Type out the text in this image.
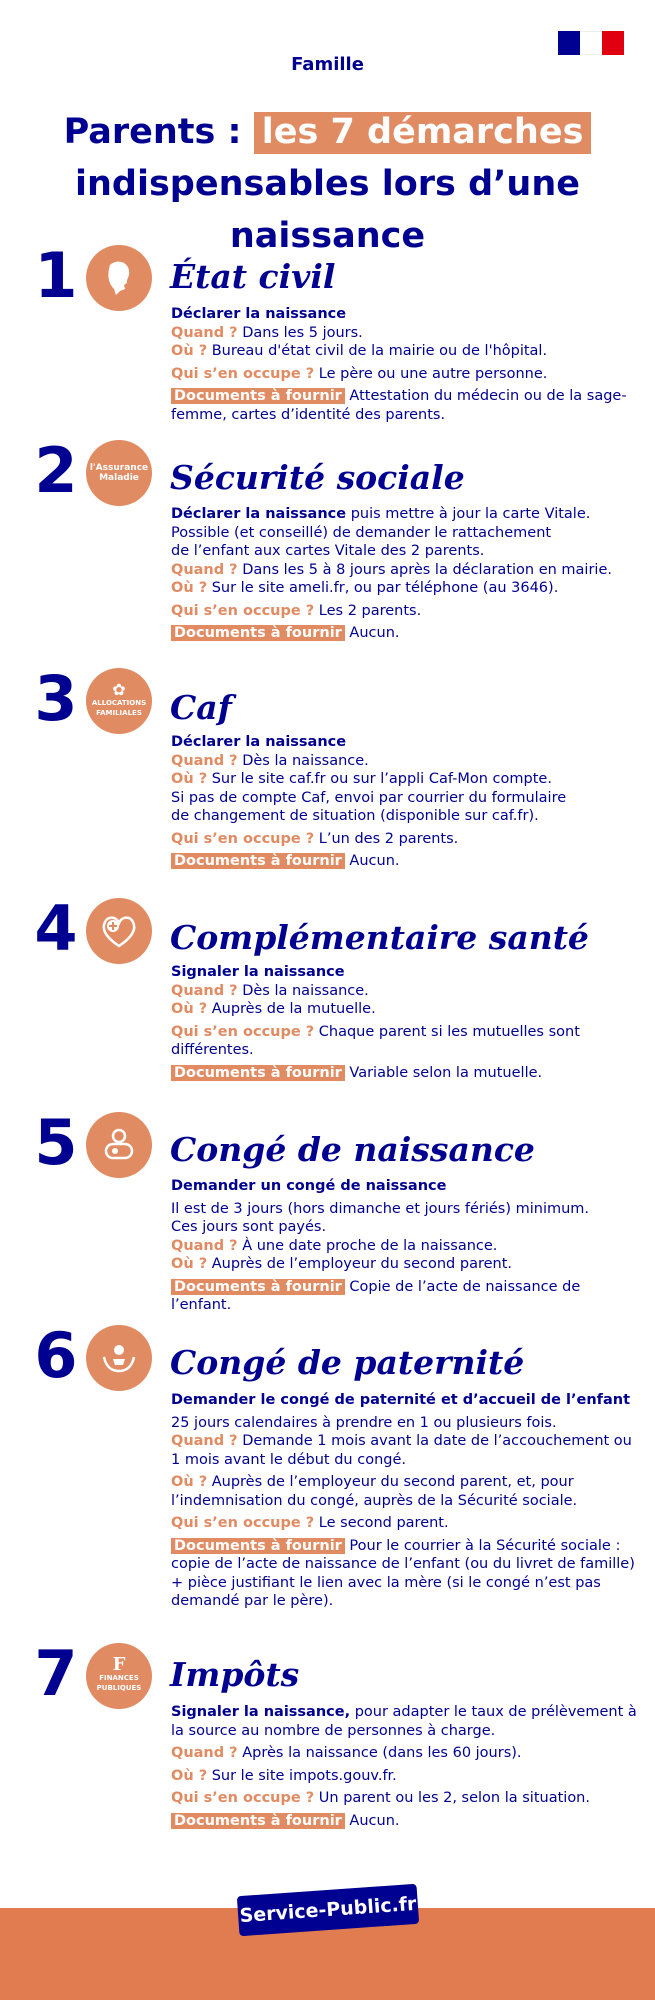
Famille
Parents : les 7 démarches
indispensables lors d’une naissance
1	État civil

Déclarer la naissance

Quand ? Dans les 5 jours.

Où ? Bureau d'état civil de la mairie ou de l'hôpital.

Qui s’en occupe ? Le père ou une autre personne.

Documents à fournir Attestation du médecin ou de la sage-femme, cartes d’identité des parents.

2	l'Assurance
Maladie Sécurité sociale

Déclarer la naissance puis mettre à jour la carte Vitale.

Possible (et conseillé) de demander le rattachement

de l’enfant aux cartes Vitale des 2 parents.

Quand ? Dans les 5 à 8 jours après la déclaration en mairie.

Où ? Sur le site ameli.fr, ou par téléphone (au 3646).

Qui s’en occupe ? Les 2 parents.

Documents à fournir Aucun.

3	✿
ALLOCATIONS
FAMILIALES Caf

Déclarer la naissance

Quand ? Dès la naissance.

Où ? Sur le site caf.fr ou sur l’appli Caf-Mon compte.

Si pas de compte Caf, envoi par courrier du formulaire

de changement de situation (disponible sur caf.fr).

Qui s’en occupe ? L’un des 2 parents.

Documents à fournir Aucun.

4	Complémentaire santé

Signaler la naissance

Quand ? Dès la naissance.

Où ? Auprès de la mutuelle.

Qui s’en occupe ? Chaque parent si les mutuelles sont différentes.

Documents à fournir Variable selon la mutuelle.

5	Congé de naissance

Demander un congé de naissance

Il est de 3 jours (hors dimanche et jours fériés) minimum.

Ces jours sont payés.

Quand ? À une date proche de la naissance.

Où ? Auprès de l’employeur du second parent.

Documents à fournir Copie de l’acte de naissance de l’enfant.

6	Congé de paternité

Demander le congé de paternité et d’accueil de l’enfant

25 jours calendaires à prendre en 1 ou plusieurs fois.

Quand ? Demande 1 mois avant la date de l’accouchement ou 1 mois avant le début du congé.

Où ? Auprès de l’employeur du second parent, et, pour l’indemnisation du congé, auprès de la Sécurité sociale.

Qui s’en occupe ? Le second parent.

Documents à fournir Pour le courrier à la Sécurité sociale : copie de l’acte de naissance de l’enfant (ou du livret de famille) + pièce justifiant le lien avec la mère (si le congé n’est pas demandé par le père).

7	F
FINANCES
PUBLIQUES Impôts

Signaler la naissance, pour adapter le taux de prélèvement à la source au nombre de personnes à charge.

Quand ? Après la naissance (dans les 60 jours).

Où ? Sur le site impots.gouv.fr.

Qui s’en occupe ? Un parent ou les 2, selon la situation.

Documents à fournir Aucun.

Service-Public.fr
